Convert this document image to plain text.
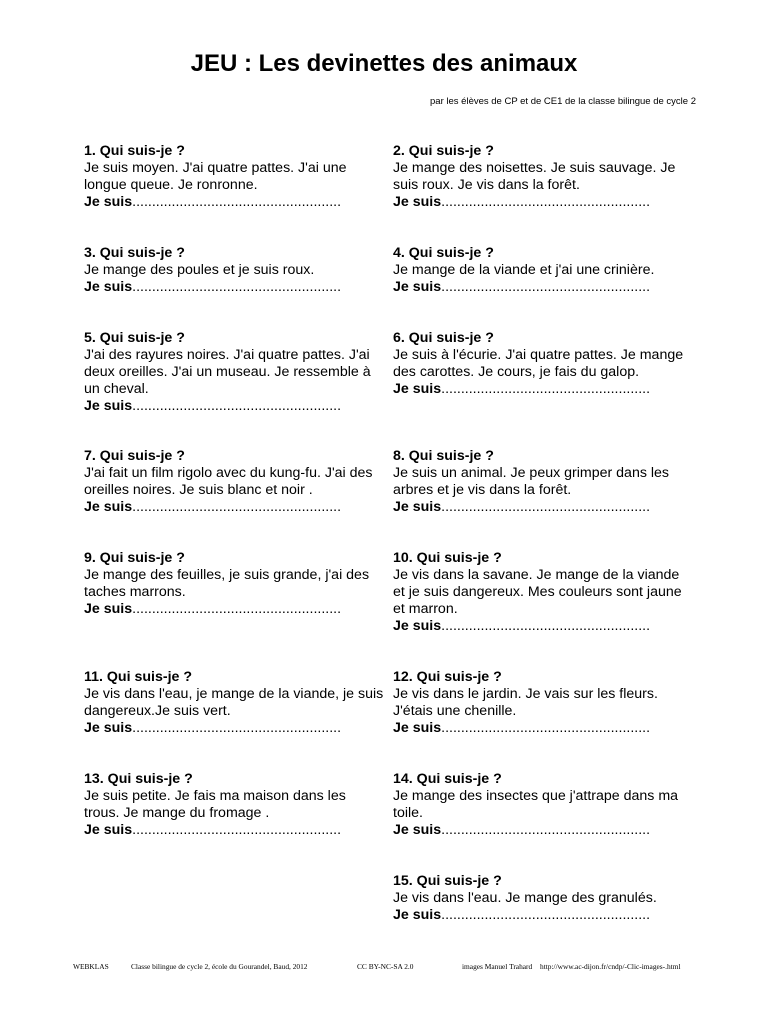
JEU : Les devinettes des animaux
par les élèves de CP et de CE1 de la classe bilingue de cycle 2
1. Qui suis-je ?
Je suis moyen. J'ai quatre pattes. J'ai une longue queue. Je ronronne.
Je suis.....................................................
2. Qui suis-je ?
Je mange des noisettes. Je suis sauvage. Je suis roux. Je vis dans la forêt.
Je suis.....................................................
3. Qui suis-je ?
Je mange des poules et je suis roux.
Je suis.....................................................
4. Qui suis-je ?
Je mange de la viande et j'ai une crinière.
Je suis.....................................................
5. Qui suis-je ?
J'ai des rayures noires. J'ai quatre pattes. J'ai deux oreilles. J'ai un museau. Je ressemble à un cheval.
Je suis.....................................................
6. Qui suis-je ?
Je suis à l'écurie. J'ai quatre pattes. Je mange des carottes. Je cours, je fais du galop.
Je suis.....................................................
7. Qui suis-je ?
J'ai fait un film rigolo avec du kung-fu. J'ai des oreilles noires. Je suis blanc et noir .
Je suis.....................................................
8. Qui suis-je ?
Je suis un animal. Je peux grimper dans les arbres et je vis dans la forêt.
Je suis.....................................................
9. Qui suis-je ?
Je mange des feuilles, je suis grande, j'ai des taches marrons.
Je suis.....................................................
10. Qui suis-je ?
Je vis dans la savane. Je mange de la viande et je suis dangereux. Mes couleurs sont jaune et marron.
Je suis.....................................................
11. Qui suis-je ?
Je vis dans l'eau, je mange de la viande, je suis dangereux.Je suis vert.
Je suis.....................................................
12. Qui suis-je ?
Je vis dans le jardin. Je vais sur les fleurs. J'étais une chenille.
Je suis.....................................................
13. Qui suis-je ?
Je suis petite. Je fais ma maison dans les trous. Je mange du fromage .
Je suis.....................................................
14. Qui suis-je ?
Je mange des insectes que j'attrape dans ma toile.
Je suis.....................................................
15. Qui suis-je ?
Je vis dans l'eau. Je mange des granulés.
Je suis.....................................................
WEBKLAS	Classe bilingue de cycle 2, école du Gourandel, Baud, 2012	CC BY-NC-SA 2.0	images Manuel Trahard http://www.ac-dijon.fr/cndp/-Clic-images-.html
